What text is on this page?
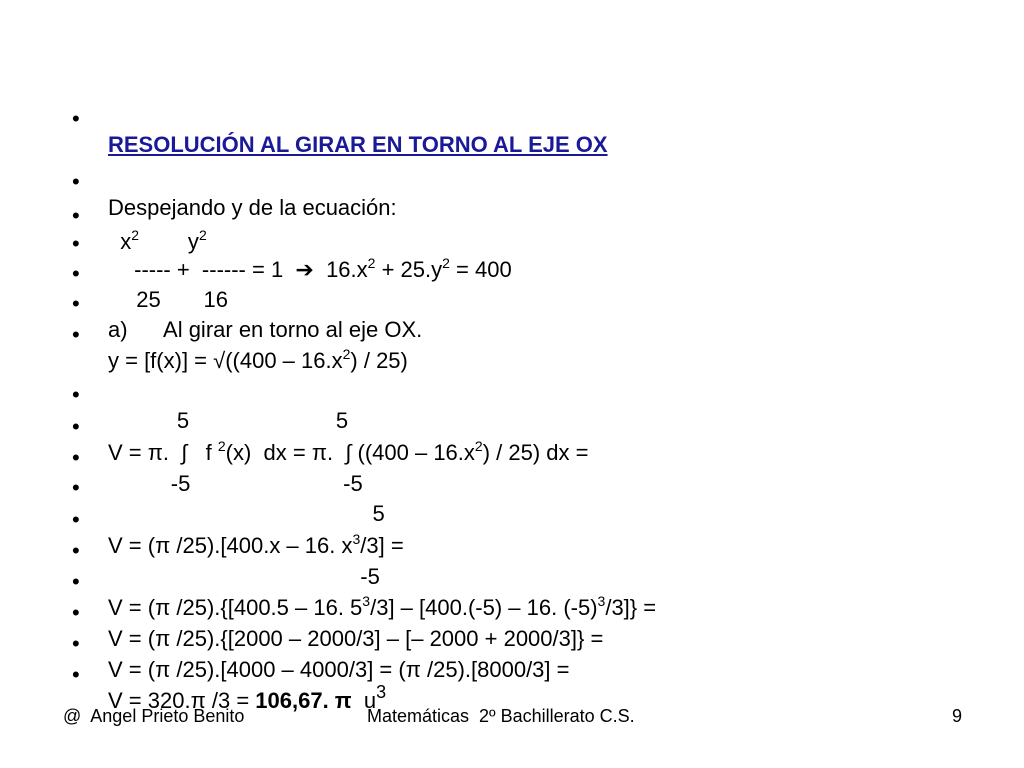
•

RESOLUCIÓN AL GIRAR EN TORNO AL EJE OX

•

Despejando y de la ecuación:

•

$x^2$        $y^2$

•

----- +  ------ = 1  ➔  $16.x^2 + 25.y^2 = 400$

•

25       16

•

a)      Al girar en torno al eje OX.

•

$y = [f(x)] = √((400 - 16.x^2) / 25)$

•

5                        5

•

V = π.  ∫   f $^2$(x)  dx = π.  ∫ $((400 - 16.x^2) / 25)$ dx =

•

-5                         -5

•

5

•

V = (π /25).[400.x – 16. $x^3/3$] =

•

-5

•

V = (π /25).{[400.5 – 16. $5^3/3] - [400.(-5) - 16$. $(-5)^3/3$]} =

•

V = (π /25).{[2000 – 2000/3] – [– 2000 + 2000/3]} =

•

V = (π /25).[4000 – 4000/3] = (π /25).[8000/3] =

•

V = 320.π /3 = 106,67. π  $u^3$

@  Angel Prieto Benito	Matemáticas  2º Bachillerato C.S.	9
